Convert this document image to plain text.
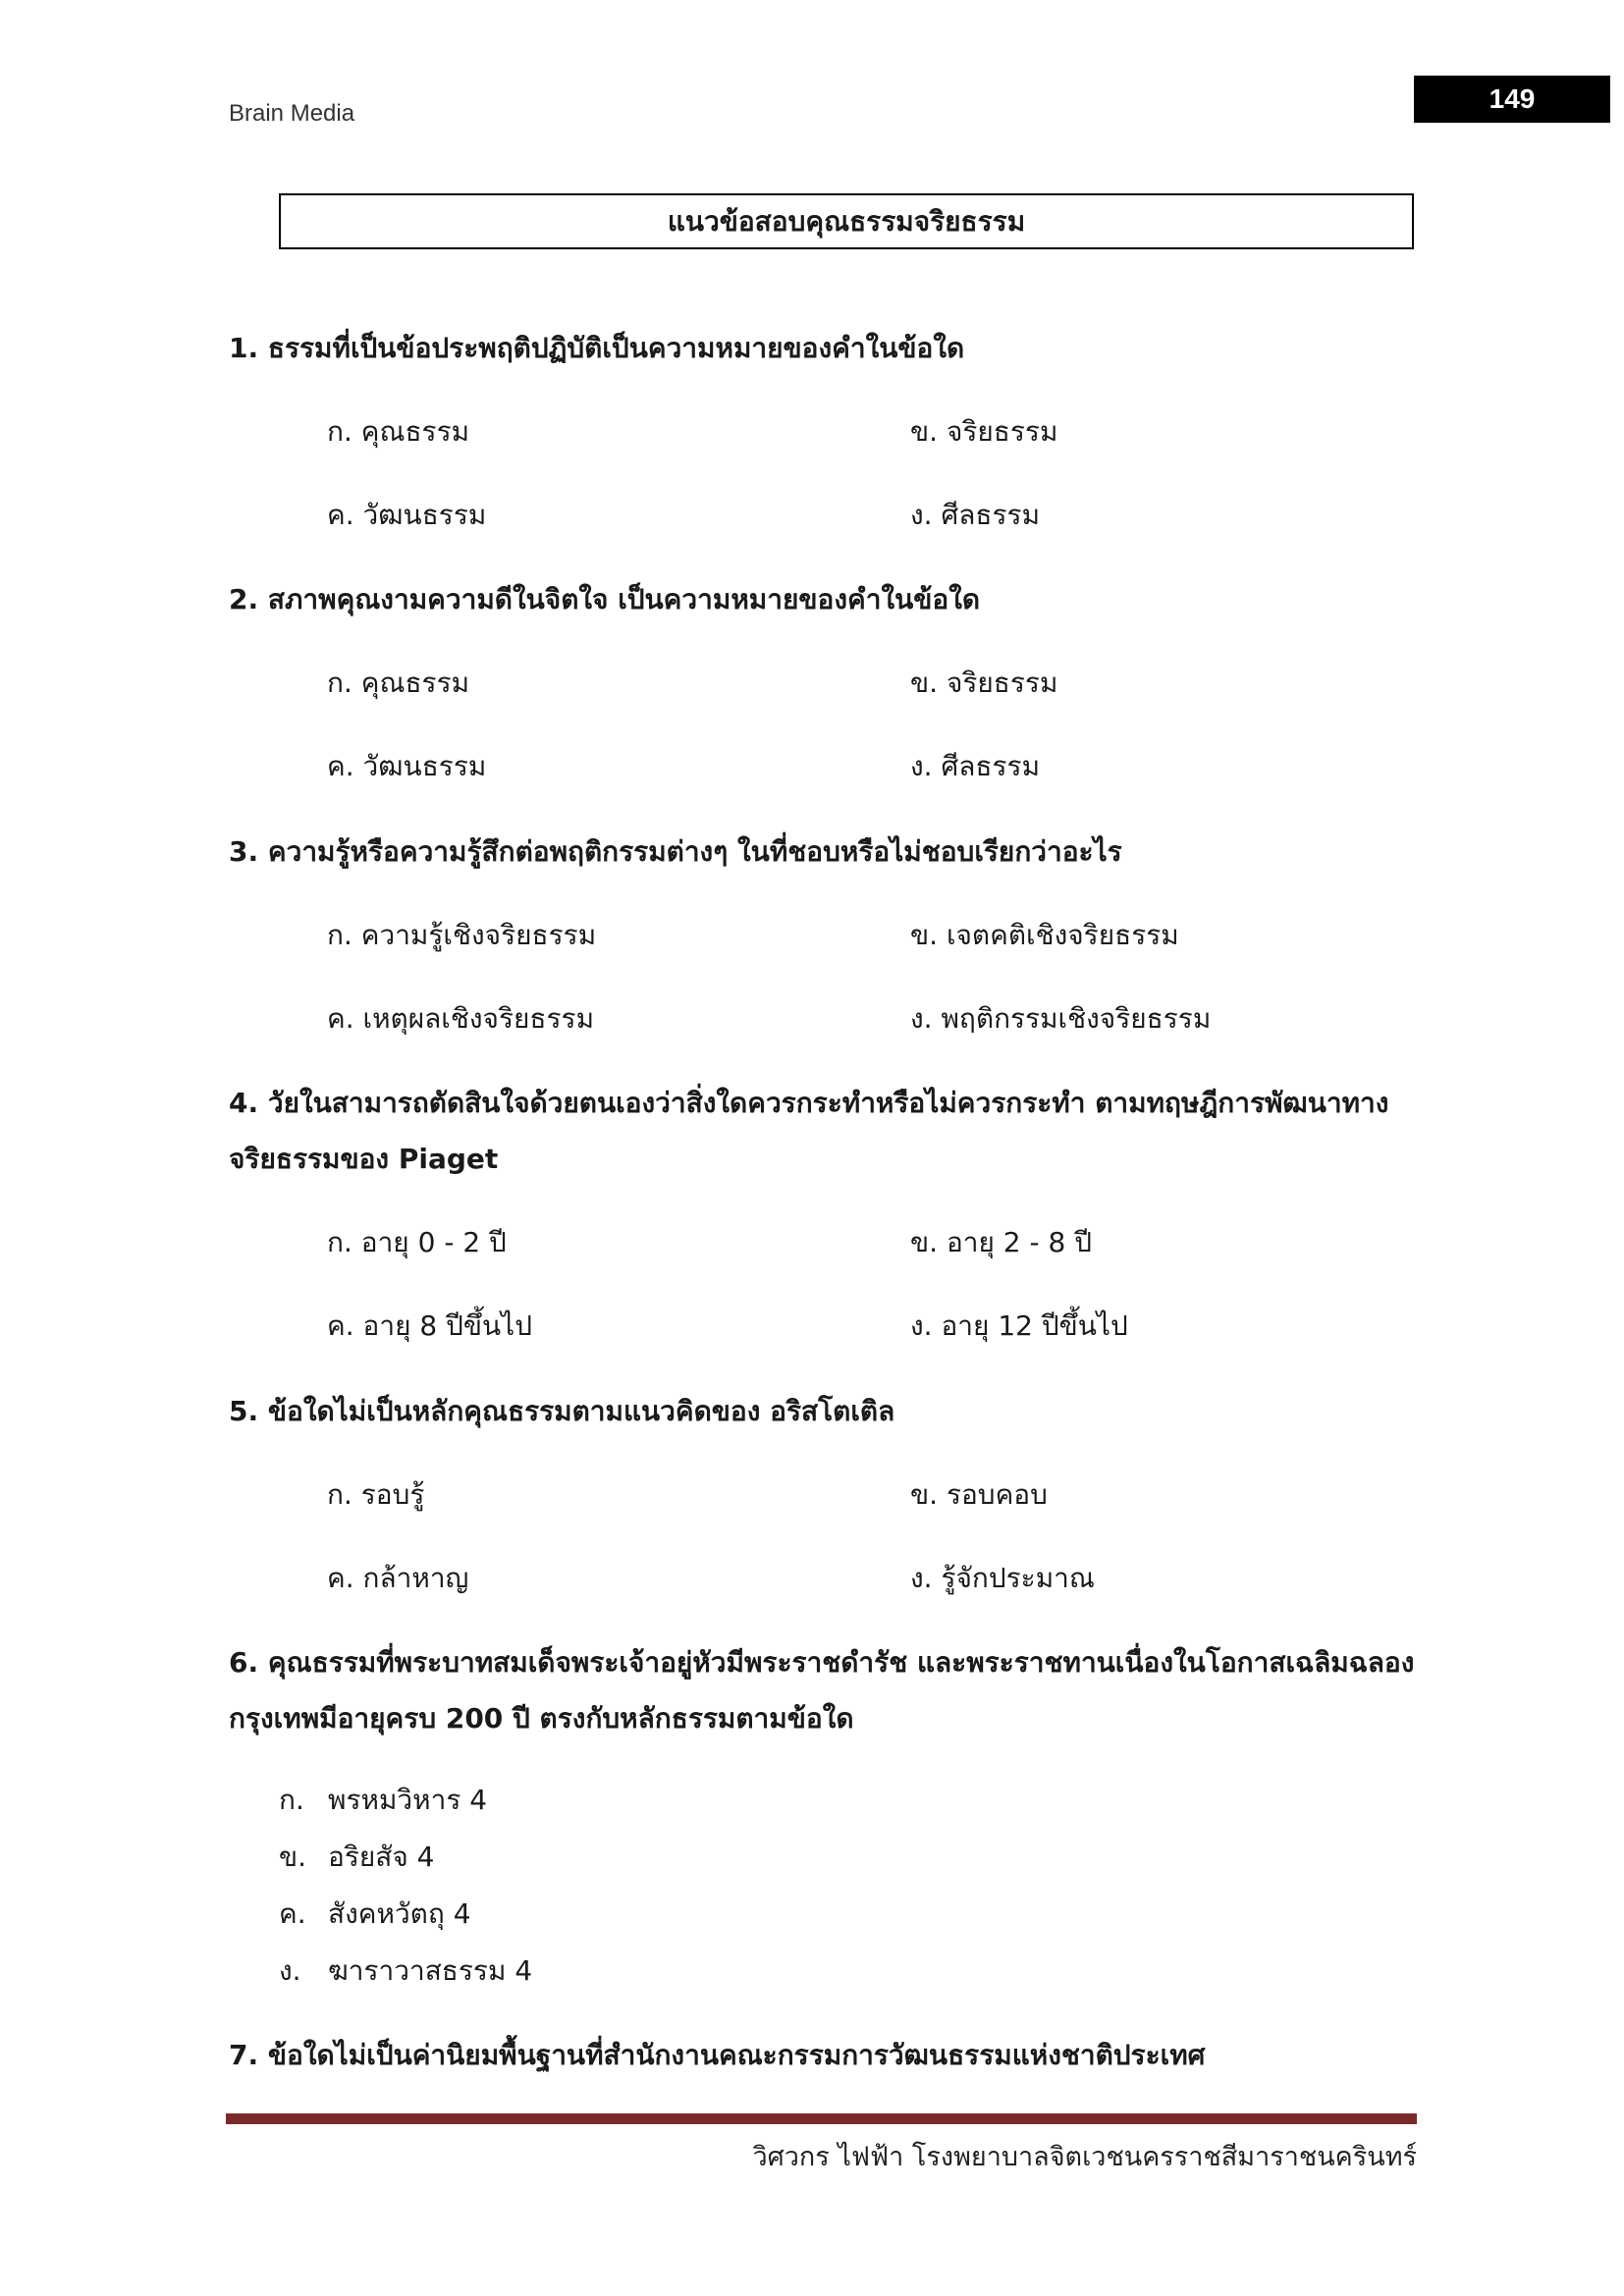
Brain Media	149
แนวข้อสอบคุณธรรมจริยธรรม
1. ธรรมที่เป็นข้อประพฤติปฏิบัติเป็นความหมายของคำในข้อใด
ก. คุณธรรม	ข. จริยธรรม
ค. วัฒนธรรม	ง. ศีลธรรม
2. สภาพคุณงามความดีในจิตใจ เป็นความหมายของคำในข้อใด
ก. คุณธรรม	ข. จริยธรรม
ค. วัฒนธรรม	ง. ศีลธรรม
3. ความรู้หรือความรู้สึกต่อพฤติกรรมต่างๆ ในที่ชอบหรือไม่ชอบเรียกว่าอะไร
ก. ความรู้เชิงจริยธรรม	ข. เจตคติเชิงจริยธรรม
ค. เหตุผลเชิงจริยธรรม	ง. พฤติกรรมเชิงจริยธรรม
4. วัยในสามารถตัดสินใจด้วยตนเองว่าสิ่งใดควรกระทำหรือไม่ควรกระทำ ตามทฤษฎีการพัฒนาทางจริยธรรมของ Piaget
ก. อายุ 0 - 2 ปี	ข. อายุ 2 - 8 ปี
ค. อายุ 8 ปีขึ้นไป	ง. อายุ 12 ปีขึ้นไป
5. ข้อใดไม่เป็นหลักคุณธรรมตามแนวคิดของ อริสโตเติล
ก. รอบรู้	ข. รอบคอบ
ค. กล้าหาญ	ง. รู้จักประมาณ
6. คุณธรรมที่พระบาทสมเด็จพระเจ้าอยู่หัวมีพระราชดำรัช และพระราชทานเนื่องในโอกาสเฉลิมฉลองกรุงเทพมีอายุครบ 200 ปี ตรงกับหลักธรรมตามข้อใด
ก. พรหมวิหาร 4
ข. อริยสัจ 4
ค. สังคหวัตถุ 4
ง. ฆาราวาสธรรม 4
7. ข้อใดไม่เป็นค่านิยมพื้นฐานที่สำนักงานคณะกรรมการวัฒนธรรมแห่งชาติประเทศ
วิศวกร ไฟฟ้า โรงพยาบาลจิตเวชนครราชสีมาราชนครินทร์
